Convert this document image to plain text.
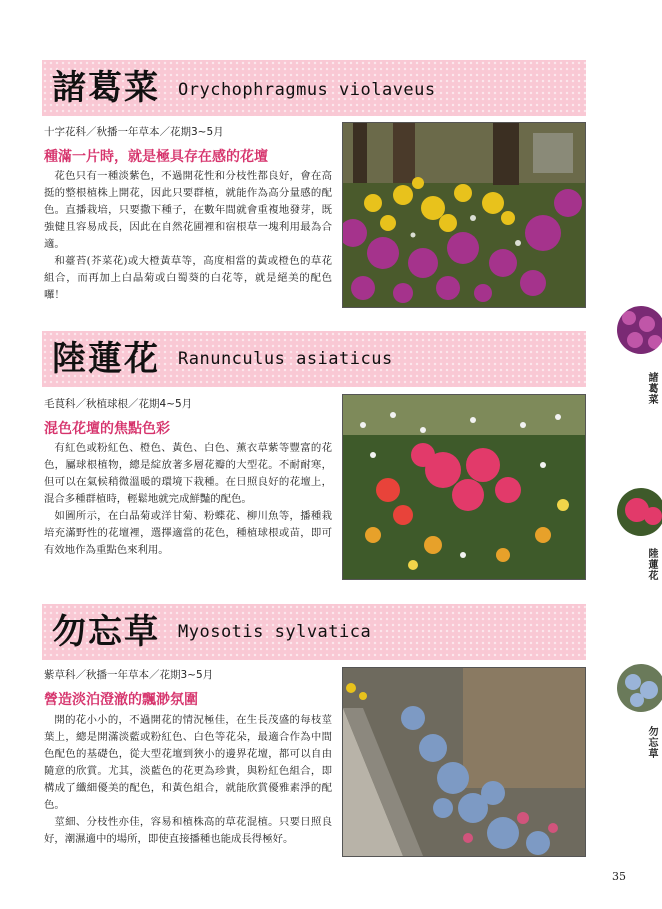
諸葛菜 Orychophragmus violaveus
十字花科／秋播一年草本／花期3~5月
種滿一片時，就是極具存在感的花壇

花色只有一種淡紫色，不過開花性和分枝性都良好，會在高挺的整根植株上開花，因此只要群植，就能作為高分量感的配色。直播栽培，只要撒下種子，在數年間就會重複地發芽，既強健且容易成長，因此在自然花圃裡和宿根草一塊利用最為合適。

和薹苔(芥菜花)或大橙黃草等，高度相當的黃或橙色的草花組合，而再加上白晶菊或白蜀葵的白花等，就是絕美的配色囉！

諸葛菜
陸蓮花 Ranunculus asiaticus
毛茛科／秋植球根／花期4~5月
混色花壇的焦點色彩

有紅色或粉紅色、橙色、黃色、白色、薰衣草紫等豐富的花色，屬球根植物，總是綻放著多層花瓣的大型花。不耐耐寒，但可以在氣候稍微溫暖的環境下栽種。在日照良好的花壇上，混合多種群植時，輕鬆地就完成鮮豔的配色。

如圖所示，在白晶菊或洋甘菊、粉蝶花、柳川魚等，播種栽培充滿野性的花壇裡，選擇適當的花色，種植球根或苗，即可有效地作為重點色來利用。	陸蓮花
勿忘草 Myosotis sylvatica
紫草科／秋播一年草本／花期3~5月
營造淡泊澄澈的飄渺氛圍

開的花小小的，不過開花的情況極佳，在生長茂盛的每枝莖葉上，總是開滿淡藍或粉紅色、白色等花朵，最適合作為中間色配色的基礎色，從大型花壇到狹小的邊界花壇，都可以自由隨意的欣賞。尤其，淡藍色的花更為珍貴，與粉紅色組合，即構成了纖細優美的配色，和黃色組合，就能欣賞優雅素淨的配色。

莖細、分枝性亦佳，容易和植株高的草花混植。只要日照良好，潮濕適中的場所，即使直接播種也能成長得極好。

勿忘草
35
